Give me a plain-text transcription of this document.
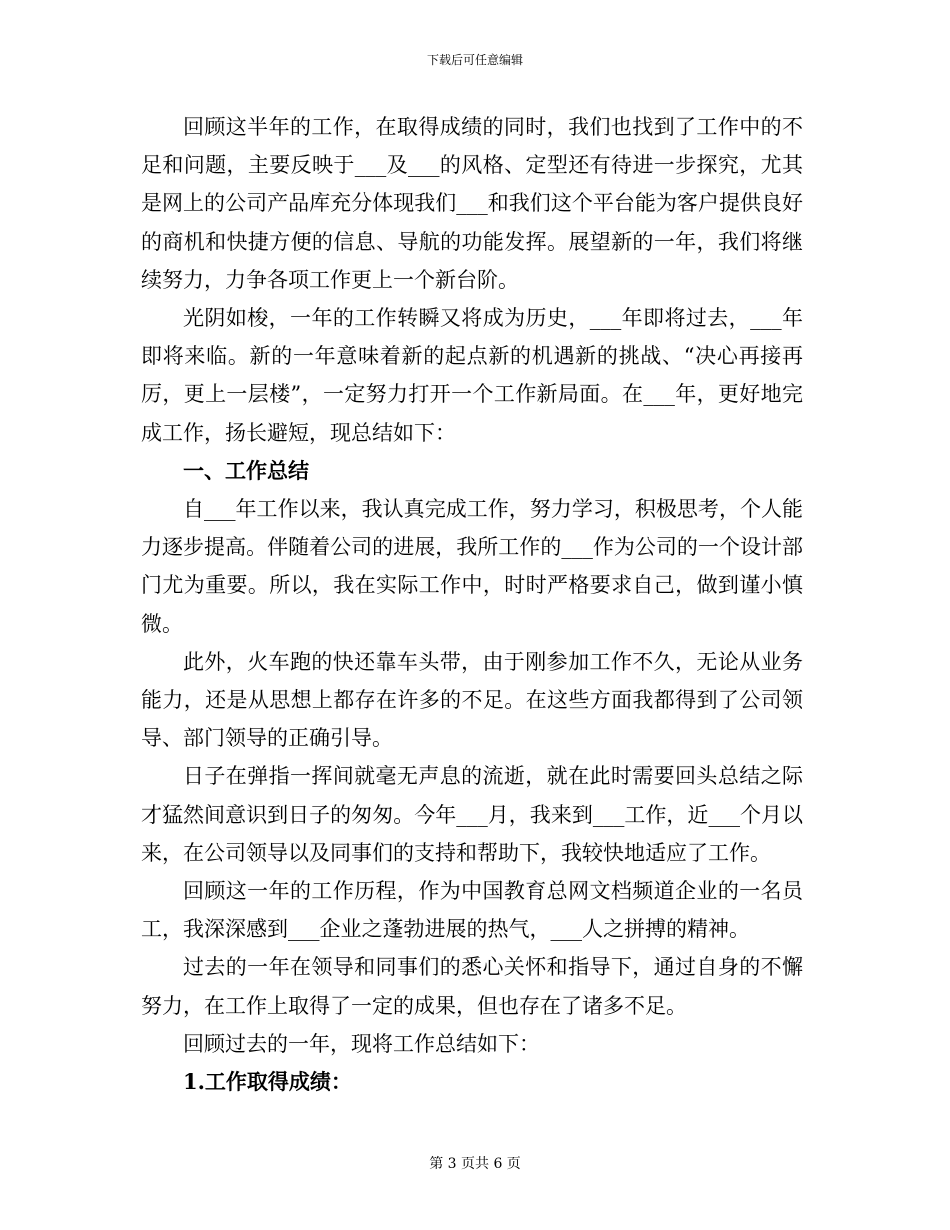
下载后可任意编辑

回顾这半年的工作，在取得成绩的同时，我们也找到了工作中的不足和问题，主要反映于___及___的风格、定型还有待进一步探究，尤其是网上的公司产品库充分体现我们___和我们这个平台能为客户提供良好的商机和快捷方便的信息、导航的功能发挥。展望新的一年，我们将继续努力，力争各项工作更上一个新台阶。

光阴如梭，一年的工作转瞬又将成为历史，___年即将过去，___年即将来临。新的一年意味着新的起点新的机遇新的挑战、“决心再接再厉，更上一层楼”，一定努力打开一个工作新局面。在___年，更好地完成工作，扬长避短，现总结如下：

一、工作总结

自___年工作以来，我认真完成工作，努力学习，积极思考，个人能力逐步提高。伴随着公司的进展，我所工作的___作为公司的一个设计部门尤为重要。所以，我在实际工作中，时时严格要求自己，做到谨小慎微。

此外，火车跑的快还靠车头带，由于刚参加工作不久，无论从业务能力，还是从思想上都存在许多的不足。在这些方面我都得到了公司领导、部门领导的正确引导。

日子在弹指一挥间就毫无声息的流逝，就在此时需要回头总结之际才猛然间意识到日子的匆匆。今年___月，我来到___工作，近___个月以来，在公司领导以及同事们的支持和帮助下，我较快地适应了工作。

回顾这一年的工作历程，作为中国教育总网文档频道企业的一名员工，我深深感到___企业之蓬勃进展的热气，___人之拼搏的精神。

过去的一年在领导和同事们的悉心关怀和指导下，通过自身的不懈努力，在工作上取得了一定的成果，但也存在了诸多不足。

回顾过去的一年，现将工作总结如下：

1.工作取得成绩：

第 3 页共 6 页
